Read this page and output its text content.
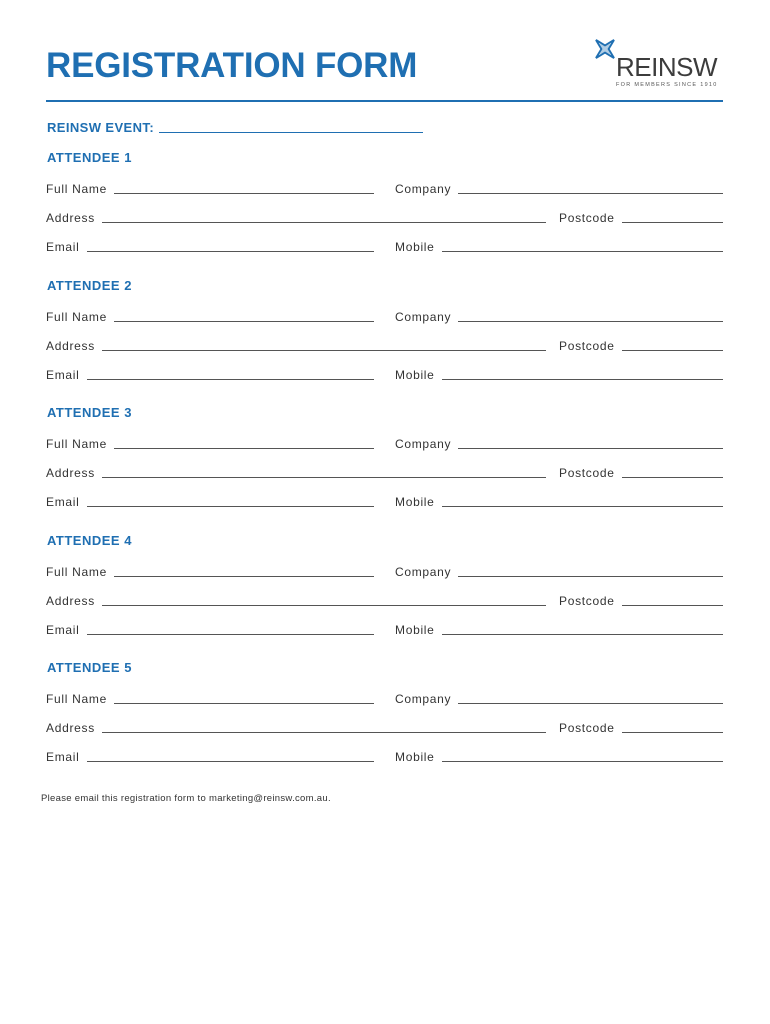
REGISTRATION FORM	REINSW
FOR MEMBERS SINCE 1910
REINSW EVENT:
ATTENDEE 1
Full Name	Company
Address	Postcode
Email	Mobile
ATTENDEE 2
Full Name	Company
Address	Postcode
Email	Mobile
ATTENDEE 3
Full Name	Company
Address	Postcode
Email	Mobile
ATTENDEE 4
Full Name	Company
Address	Postcode
Email	Mobile
ATTENDEE 5
Full Name	Company
Address	Postcode
Email	Mobile
Please email this registration form to marketing@reinsw.com.au.
